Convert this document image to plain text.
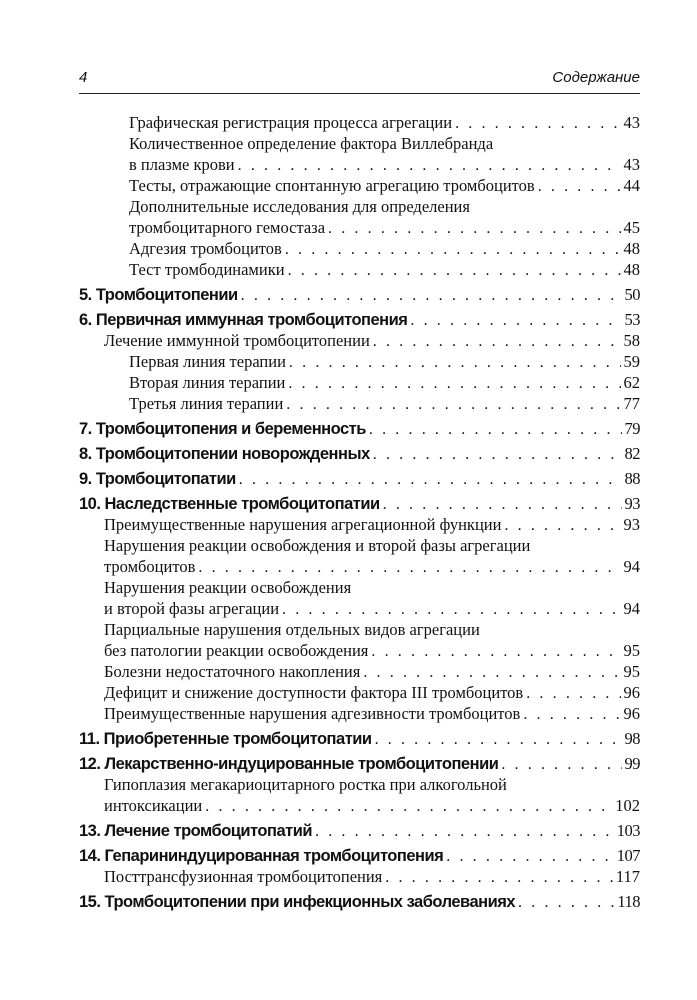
4	Содержание
Графическая регистрация процесса агрегации . . .	43
Количественное определение фактора Виллебранда
в плазме крови . . .	43
Тесты, отражающие спонтанную агрегацию тромбоцитов . . .	44
Дополнительные исследования для определения
тромбоцитарного гемостаза . . .	45
Адгезия тромбоцитов . . .	48
Тест тромбодинамики . . .	48
5. Тромбоцитопении . . .	50
6. Первичная иммунная тромбоцитопения . . .	53
Лечение иммунной тромбоцитопении . . .	58
Первая линия терапии . . .	59
Вторая линия терапии . . .	62
Третья линия терапии . . .	77
7. Тромбоцитопения и беременность . . .	79
8. Тромбоцитопении новорожденных . . .	82
9. Тромбоцитопатии . . .	88
10. Наследственные тромбоцитопатии . . .	93
Преимущественные нарушения агрегационной функции . . .	93
Нарушения реакции освобождения и второй фазы агрегации
тромбоцитов . . .	94
Нарушения реакции освобождения
и второй фазы агрегации . . .	94
Парциальные нарушения отдельных видов агрегации
без патологии реакции освобождения . . .	95
Болезни недостаточного накопления . . .	95
Дефицит и снижение доступности фактора III тромбоцитов . . .	96
Преимущественные нарушения адгезивности тромбоцитов . . .	96
11. Приобретенные тромбоцитопатии . . .	98
12. Лекарственно-индуцированные тромбоцитопении . . .	99
Гипоплазия мегакариоцитарного ростка при алкогольной
интоксикации . . .	102
13. Лечение тромбоцитопатий . . .	103
14. Гепарининдуцированная тромбоцитопения . . .	107
Посттрансфузионная тромбоцитопения . . .	117
15. Тромбоцитопении при инфекционных заболеваниях . . .	118
